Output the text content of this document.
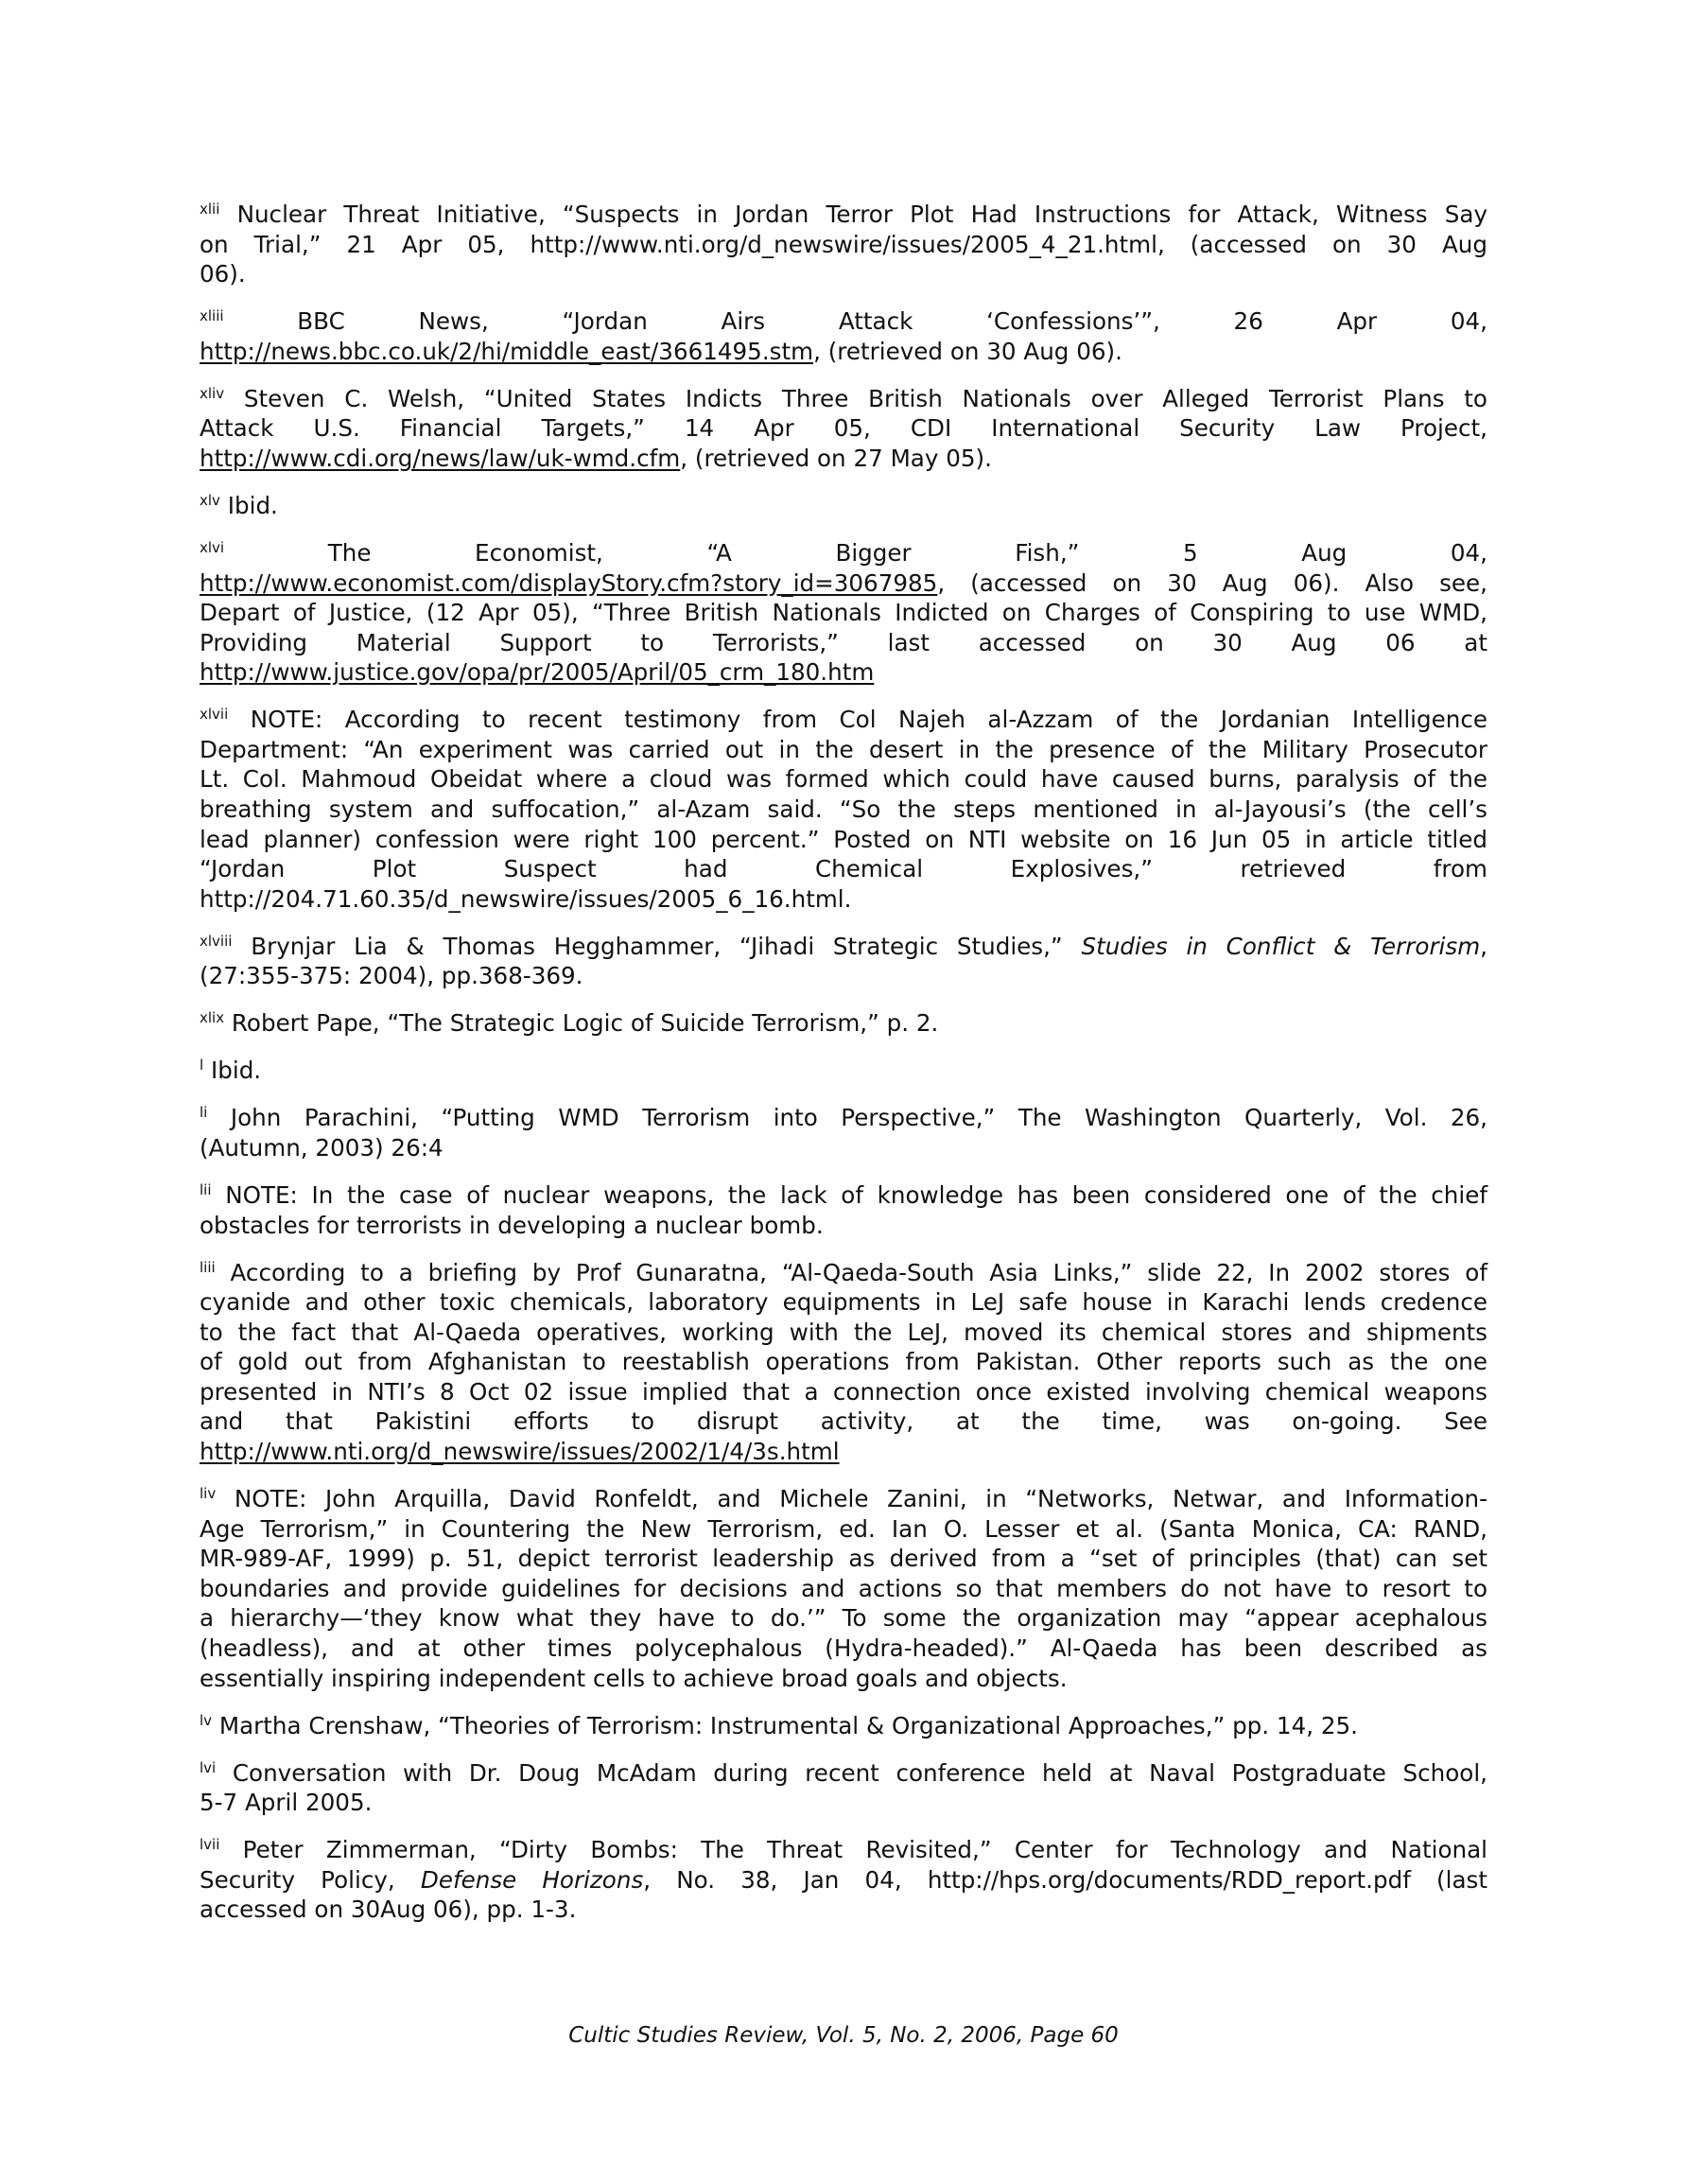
$^{xlii}$ Nuclear Threat Initiative, “Suspects in Jordan Terror Plot Had Instructions for Attack, Witness Say
on Trial,” 21 Apr 05, http://www.nti.org/d_newswire/issues/2005_4_21.html, (accessed on 30 Aug
06).
$^{xliii}$	BBC News, “Jordan Airs Attack ‘Confessions’”, 26 Apr 04,
http://news.bbc.co.uk/2/hi/middle_east/3661495.stm, (retrieved on 30 Aug 06).
$^{xliv}$ Steven C. Welsh, “United States Indicts Three British Nationals over Alleged Terrorist Plans to
Attack U.S. Financial Targets,” 14 Apr 05, CDI International Security Law Project,
http://www.cdi.org/news/law/uk-wmd.cfm, (retrieved on 27 May 05).
$^{xlv}$ Ibid.
$^{xlvi}$	The Economist, “A Bigger Fish,” 5 Aug 04,
http://www.economist.com/displayStory.cfm?story_id=3067985, (accessed on 30 Aug 06). Also see,
Depart of Justice, (12 Apr 05), “Three British Nationals Indicted on Charges of Conspiring to use WMD,
Providing Material Support to Terrorists,” last accessed on 30 Aug 06 at
http://www.justice.gov/opa/pr/2005/April/05_crm_180.htm
$^{xlvii}$ NOTE: According to recent testimony from Col Najeh al-Azzam of the Jordanian Intelligence
Department: “An experiment was carried out in the desert in the presence of the Military Prosecutor
Lt. Col. Mahmoud Obeidat where a cloud was formed which could have caused burns, paralysis of the
breathing system and suffocation,” al-Azam said. “So the steps mentioned in al-Jayousi’s (the cell’s
lead planner) confession were right 100 percent.” Posted on NTI website on 16 Jun 05 in article titled
“Jordan Plot Suspect had Chemical Explosives,” retrieved from
http://204.71.60.35/d_newswire/issues/2005_6_16.html.
$^{xlviii}$ Brynjar Lia & Thomas Hegghammer, “Jihadi Strategic Studies,” Studies in Conflict & Terrorism,
(27:355-375: 2004), pp.368-369.
$^{xlix}$ Robert Pape, “The Strategic Logic of Suicide Terrorism,” p. 2.
$^l$ Ibid.
$^{li}$ John Parachini, “Putting WMD Terrorism into Perspective,” The Washington Quarterly, Vol. 26,
(Autumn, 2003) 26:4
$^{lii}$ NOTE: In the case of nuclear weapons, the lack of knowledge has been considered one of the chief
obstacles for terrorists in developing a nuclear bomb.
$^{liii}$ According to a briefing by Prof Gunaratna, “Al-Qaeda-South Asia Links,” slide 22, In 2002 stores of
cyanide and other toxic chemicals, laboratory equipments in LeJ safe house in Karachi lends credence
to the fact that Al-Qaeda operatives, working with the LeJ, moved its chemical stores and shipments
of gold out from Afghanistan to reestablish operations from Pakistan. Other reports such as the one
presented in NTI’s 8 Oct 02 issue implied that a connection once existed involving chemical weapons
and that Pakistini efforts to disrupt activity, at the time, was on-going. See
http://www.nti.org/d_newswire/issues/2002/1/4/3s.html
$^{liv}$ NOTE: John Arquilla, David Ronfeldt, and Michele Zanini, in “Networks, Netwar, and Information-
Age Terrorism,” in Countering the New Terrorism, ed. Ian O. Lesser et al. (Santa Monica, CA: RAND,
MR-989-AF, 1999) p. 51, depict terrorist leadership as derived from a “set of principles (that) can set
boundaries and provide guidelines for decisions and actions so that members do not have to resort to
a hierarchy—‘they know what they have to do.’” To some the organization may “appear acephalous
(headless), and at other times polycephalous (Hydra-headed).” Al-Qaeda has been described as
essentially inspiring independent cells to achieve broad goals and objects.
$^{lv}$ Martha Crenshaw, “Theories of Terrorism: Instrumental & Organizational Approaches,” pp. 14, 25.
$^{lvi}$ Conversation with Dr. Doug McAdam during recent conference held at Naval Postgraduate School,
5-7 April 2005.
$^{lvii}$ Peter Zimmerman, “Dirty Bombs: The Threat Revisited,” Center for Technology and National
Security Policy, Defense Horizons, No. 38, Jan 04, http://hps.org/documents/RDD_report.pdf (last
accessed on 30Aug 06), pp. 1-3.
Cultic Studies Review, Vol. 5, No. 2, 2006, Page 60
